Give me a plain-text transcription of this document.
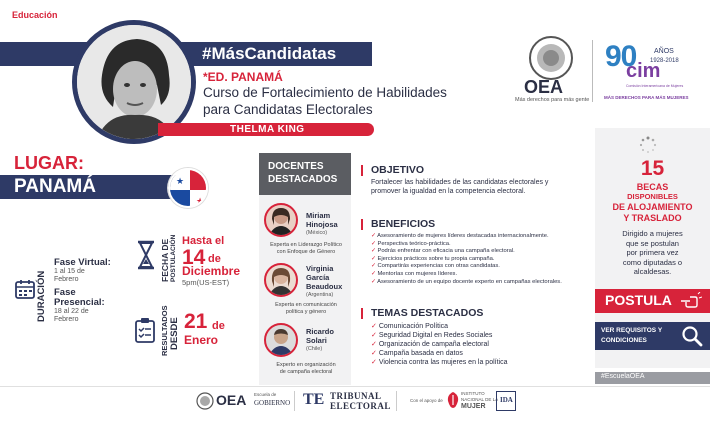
Educación
#MásCandidatas
*ED. PANAMÁ
Curso de Fortalecimiento de Habilidades
para Candidatas Electorales
THELMA KING
OEA
Más derechos para más gente
90	AÑOS
1928-2018
cim
Comisión Interamericana de Mujeres
MÁS DERECHOS PARA MÁS MUJERES
LUGAR:
PANAMÁ	★
★
DURACIÓN
Fase Virtual:
1 al 15 de
Febrero
Fase
Presencial:
18 al 22 de
Febrero
FECHA DE POSTULACIÓN Hasta el
14 de
Diciembre
5pm(US-EST)
RESULTADOS DESDE 21 de
Enero
DOCENTES
DESTACADOS
Miriam
Hinojosa
(México)
Experta en Liderazgo Político
con Enfoque de Género
Virginia
García
Beaudoux
(Argentina)
Experta en comunicación
política y género
Ricardo
Solari
(Chile)
Experto en organización
de campaña electoral
OBJETIVO
Fortalecer las habilidades de las candidatas electorales y
promover la igualdad en la competencia electoral.
BENEFICIOS
✓ Asesoramiento de mujeres líderes destacadas internacionalmente.
✓ Perspectiva teórico-práctica.
✓ Podrás enfrentar con eficacia una campaña electoral.
✓ Ejercicios prácticos sobre tu propia campaña.
✓ Compartirás experiencias con otras candidatas.
✓ Mentorías con mujeres líderes.
✓ Asesoramiento de un equipo docente experto en campañas electorales.
TEMAS DESTACADOS
✓ Comunicación Política
✓ Seguridad Digital en Redes Sociales
✓ Organización de campaña electoral
✓ Campaña basada en datos
✓ Violencia contra las mujeres en la política
15
BECAS
DISPONIBLES
DE ALOJAMIENTO
Y TRASLADO
Dirigido a mujeres
que se postulan
por primera vez
como diputadas o
alcaldesas.
POSTULA
VER REQUISITOS Y
CONDICIONES
#EscuelaOEA
OEA Escuela de
GOBIERNO TE TRIBUNAL
ELECTORAL
Con el apoyo de
INSTITUTO
NACIONAL DE LA
MUJER
IDA
